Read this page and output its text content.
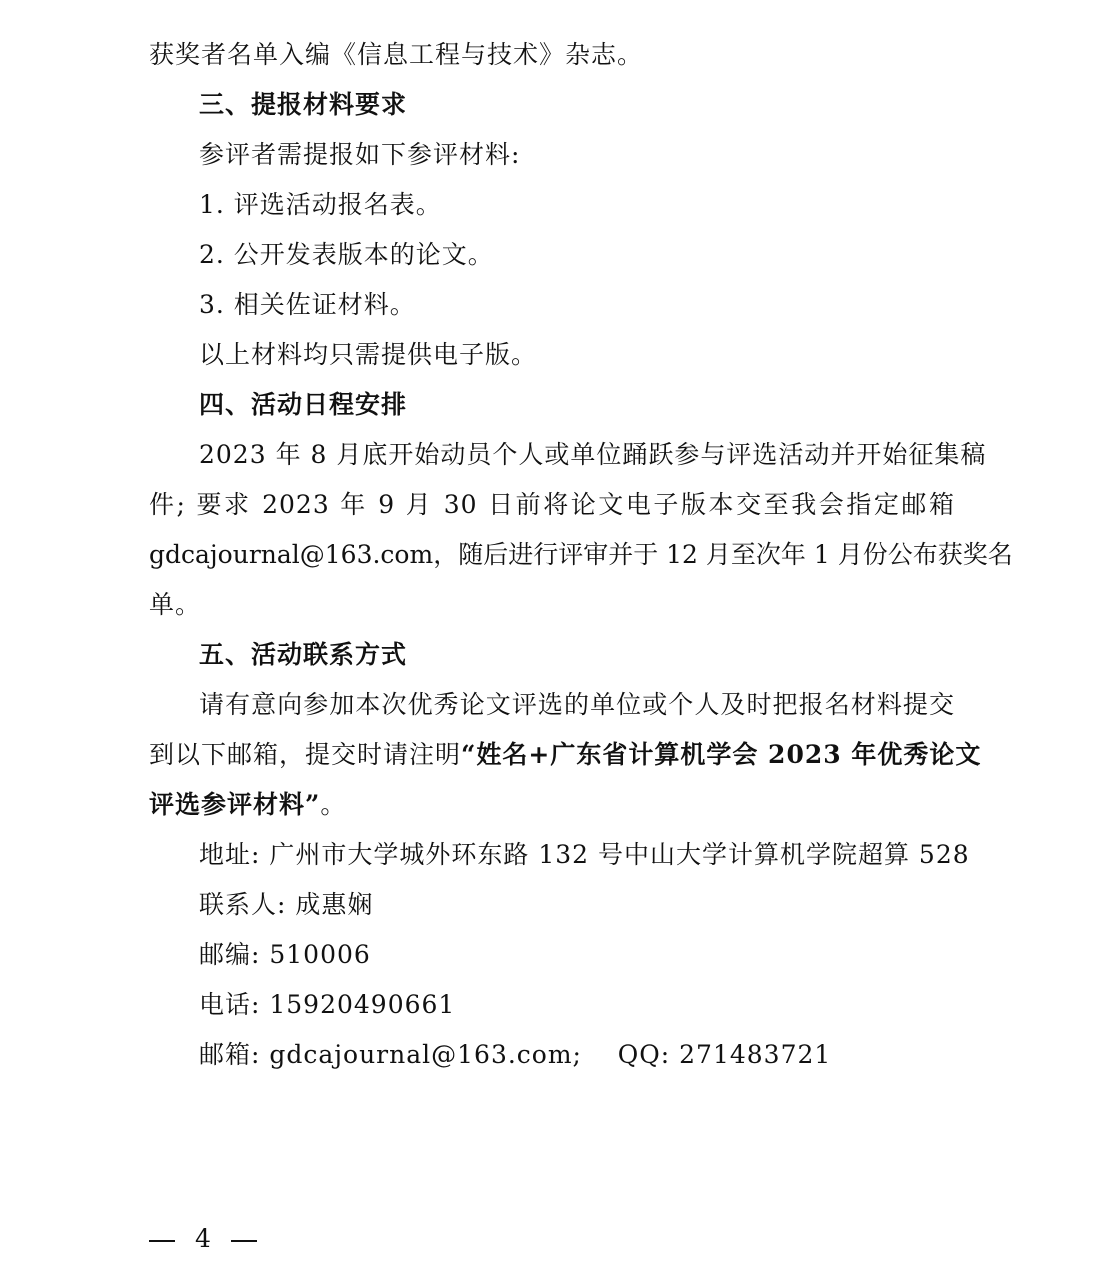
获奖者名单入编《信息工程与技术》杂志。
三、提报材料要求
参评者需提报如下参评材料:
1. 评选活动报名表。
2. 公开发表版本的论文。
3. 相关佐证材料。
以上材料均只需提供电子版。
四、活动日程安排
2023 年 8 月底开始动员个人或单位踊跃参与评选活动并开始征集稿
件; 要求 2023 年 9 月 30 日前将论文电子版本交至我会指定邮箱
gdcajournal@163.com，随后进行评审并于 12 月至次年 1 月份公布获奖名
单。
五、活动联系方式
请有意向参加本次优秀论文评选的单位或个人及时把报名材料提交
到以下邮箱，提交时请注明“姓名+广东省计算机学会 2023 年优秀论文
评选参评材料”。
地址: 广州市大学城外环东路 132 号中山大学计算机学院超算 528
联系人: 成惠娴
邮编: 510006
电话: 15920490661
邮箱: gdcajournal@163.com;    QQ: 271483721
4
